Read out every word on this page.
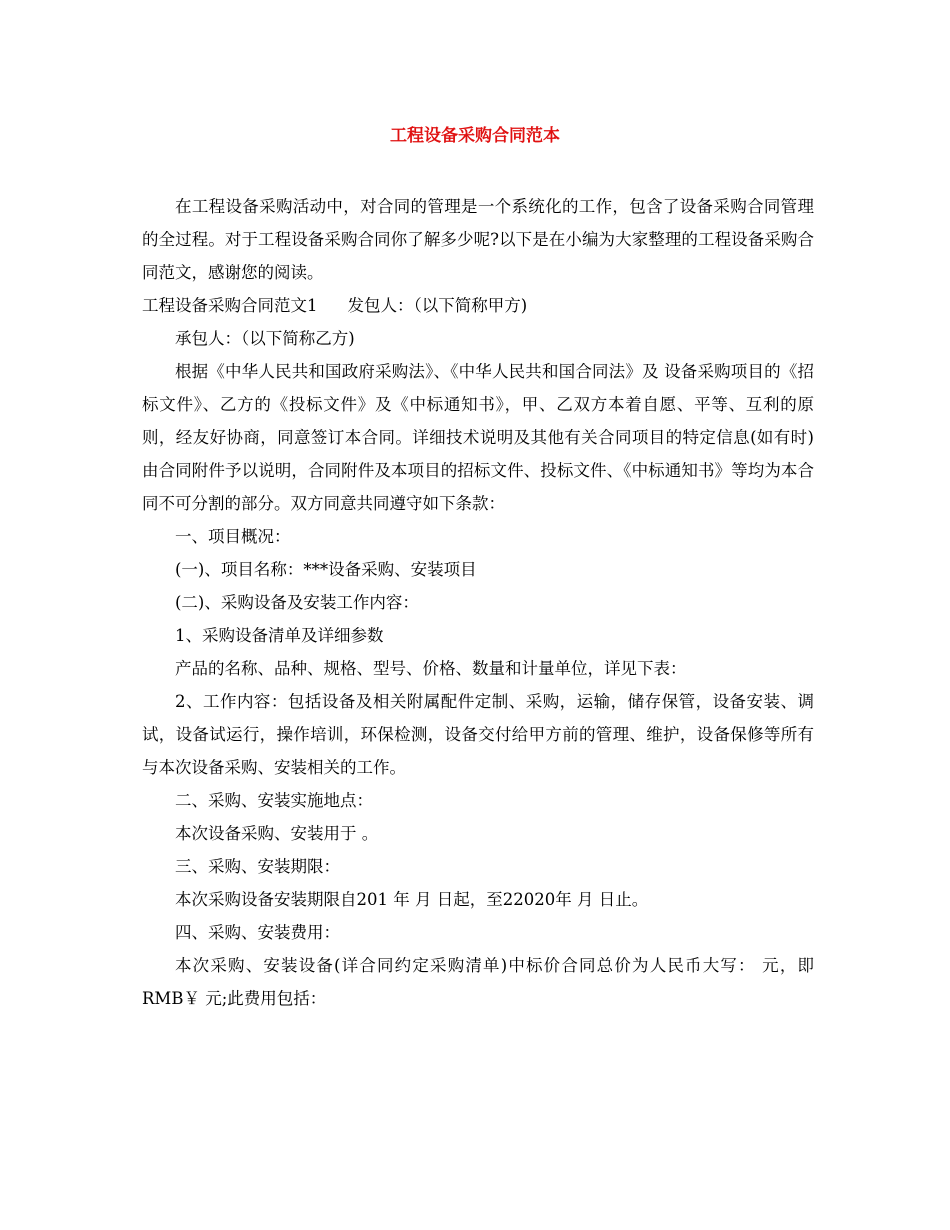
工程设备采购合同范本

在工程设备采购活动中，对合同的管理是一个系统化的工作，包含了设备采购合同管理的全过程。对于工程设备采购合同你了解多少呢?以下是在小编为大家整理的工程设备采购合同范文，感谢您的阅读。

工程设备采购合同范文1 发包人：（以下简称甲方)

承包人：（以下简称乙方)

根据《中华人民共和国政府采购法》、《中华人民共和国合同法》及 设备采购项目的《招标文件》、乙方的《投标文件》及《中标通知书》，甲、乙双方本着自愿、平等、互利的原则，经友好协商，同意签订本合同。详细技术说明及其他有关合同项目的特定信息(如有时)由合同附件予以说明，合同附件及本项目的招标文件、投标文件、《中标通知书》等均为本合同不可分割的部分。双方同意共同遵守如下条款：

一、项目概况：

(一)、项目名称：***设备采购、安装项目

(二)、采购设备及安装工作内容：

1、采购设备清单及详细参数

产品的名称、品种、规格、型号、价格、数量和计量单位，详见下表：

2、工作内容：包括设备及相关附属配件定制、采购，运输，储存保管，设备安装、调试，设备试运行，操作培训，环保检测，设备交付给甲方前的管理、维护，设备保修等所有与本次设备采购、安装相关的工作。

二、采购、安装实施地点：

本次设备采购、安装用于 。

三、采购、安装期限：

本次采购设备安装期限自201 年 月 日起，至22020年 月 日止。

四、采购、安装费用：

本次采购、安装设备(详合同约定采购清单)中标价合同总价为人民币大写： 元，即RMB￥ 元;此费用包括：
